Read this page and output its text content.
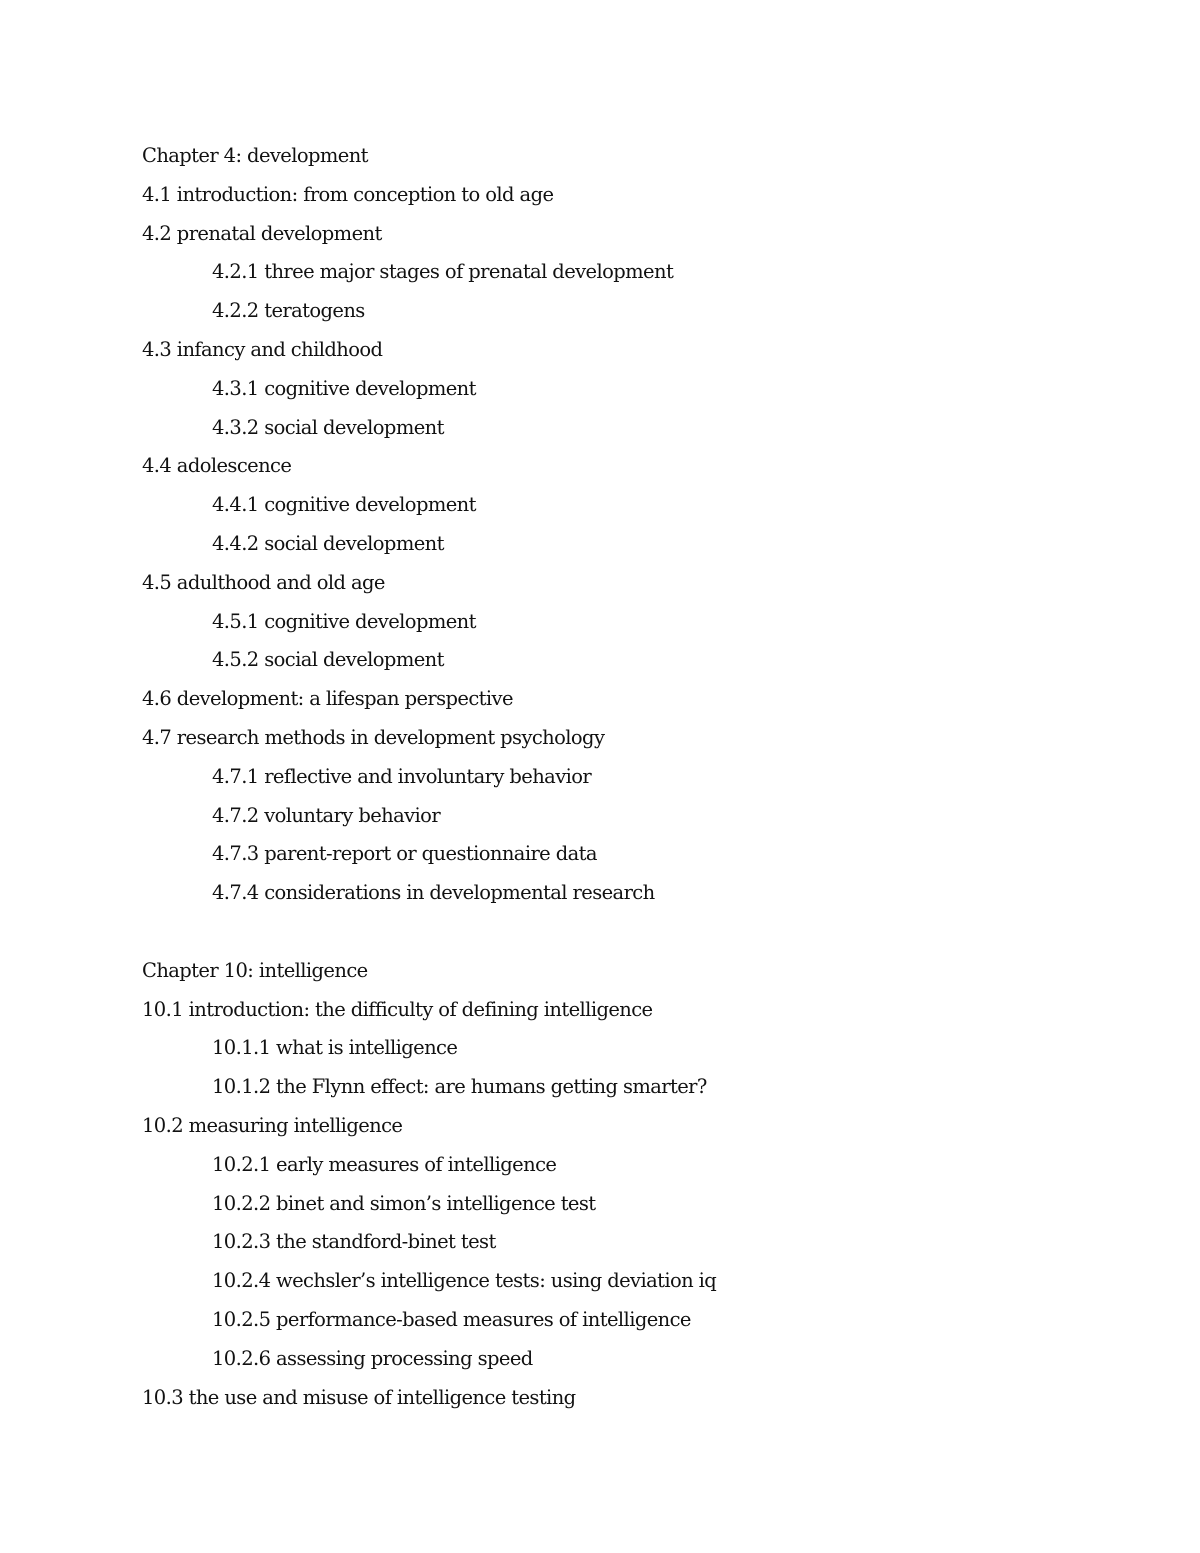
Chapter 4: development
4.1 introduction: from conception to old age
4.2 prenatal development
4.2.1 three major stages of prenatal development
4.2.2 teratogens
4.3 infancy and childhood
4.3.1 cognitive development
4.3.2 social development
4.4 adolescence
4.4.1 cognitive development
4.4.2 social development
4.5 adulthood and old age
4.5.1 cognitive development
4.5.2 social development
4.6 development: a lifespan perspective
4.7 research methods in development psychology
4.7.1 reflective and involuntary behavior
4.7.2 voluntary behavior
4.7.3 parent-report or questionnaire data
4.7.4 considerations in developmental research
Chapter 10: intelligence
10.1 introduction: the difficulty of defining intelligence
10.1.1 what is intelligence
10.1.2 the Flynn effect: are humans getting smarter?
10.2 measuring intelligence
10.2.1 early measures of intelligence
10.2.2 binet and simon’s intelligence test
10.2.3 the standford-binet test
10.2.4 wechsler’s intelligence tests: using deviation iq
10.2.5 performance-based measures of intelligence
10.2.6 assessing processing speed
10.3 the use and misuse of intelligence testing
